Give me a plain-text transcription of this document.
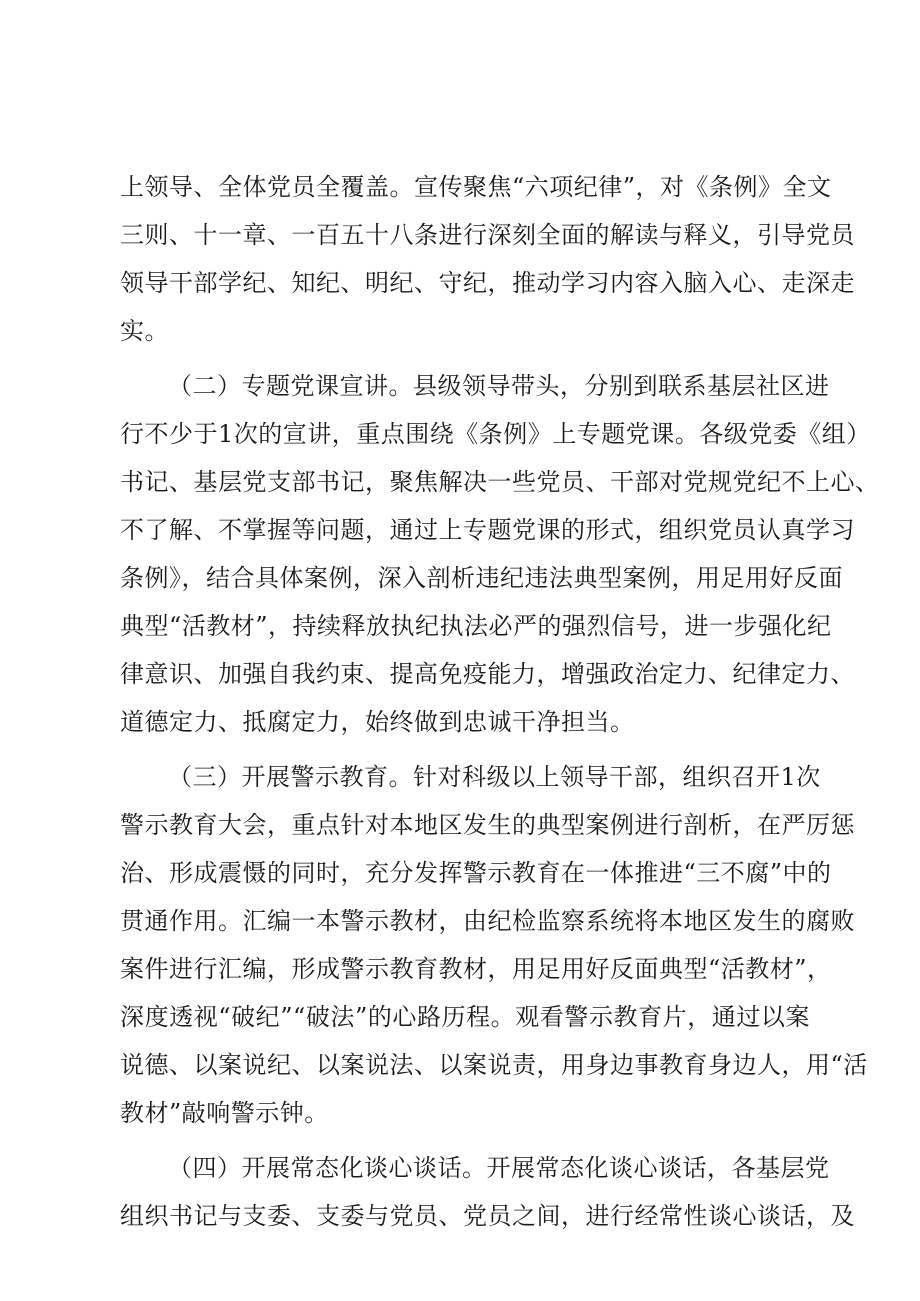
上领导、全体党员全覆盖。宣传聚焦“六项纪律”，对《条例》全文
三则、十一章、一百五十八条进行深刻全面的解读与释义，引导党员
领导干部学纪、知纪、明纪、守纪，推动学习内容入脑入心、走深走
实。
（二）专题党课宣讲。县级领导带头，分别到联系基层社区进
行不少于1次的宣讲，重点围绕《条例》上专题党课。各级党委《组）
书记、基层党支部书记，聚焦解决一些党员、干部对党规党纪不上心、
不了解、不掌握等问题，通过上专题党课的形式，组织党员认真学习
条例》，结合具体案例，深入剖析违纪违法典型案例，用足用好反面
典型“活教材”，持续释放执纪执法必严的强烈信号，进一步强化纪
律意识、加强自我约束、提高免疫能力，增强政治定力、纪律定力、
道德定力、抵腐定力，始终做到忠诚干净担当。
（三）开展警示教育。针对科级以上领导干部，组织召开1次
警示教育大会，重点针对本地区发生的典型案例进行剖析，在严厉惩
治、形成震慑的同时，充分发挥警示教育在一体推进“三不腐”中的
贯通作用。汇编一本警示教材，由纪检监察系统将本地区发生的腐败
案件进行汇编，形成警示教育教材，用足用好反面典型“活教材”，
深度透视“破纪”“破法”的心路历程。观看警示教育片，通过以案
说德、以案说纪、以案说法、以案说责，用身边事教育身边人，用“活
教材”敲响警示钟。
（四）开展常态化谈心谈话。开展常态化谈心谈话，各基层党
组织书记与支委、支委与党员、党员之间，进行经常性谈心谈话，及
